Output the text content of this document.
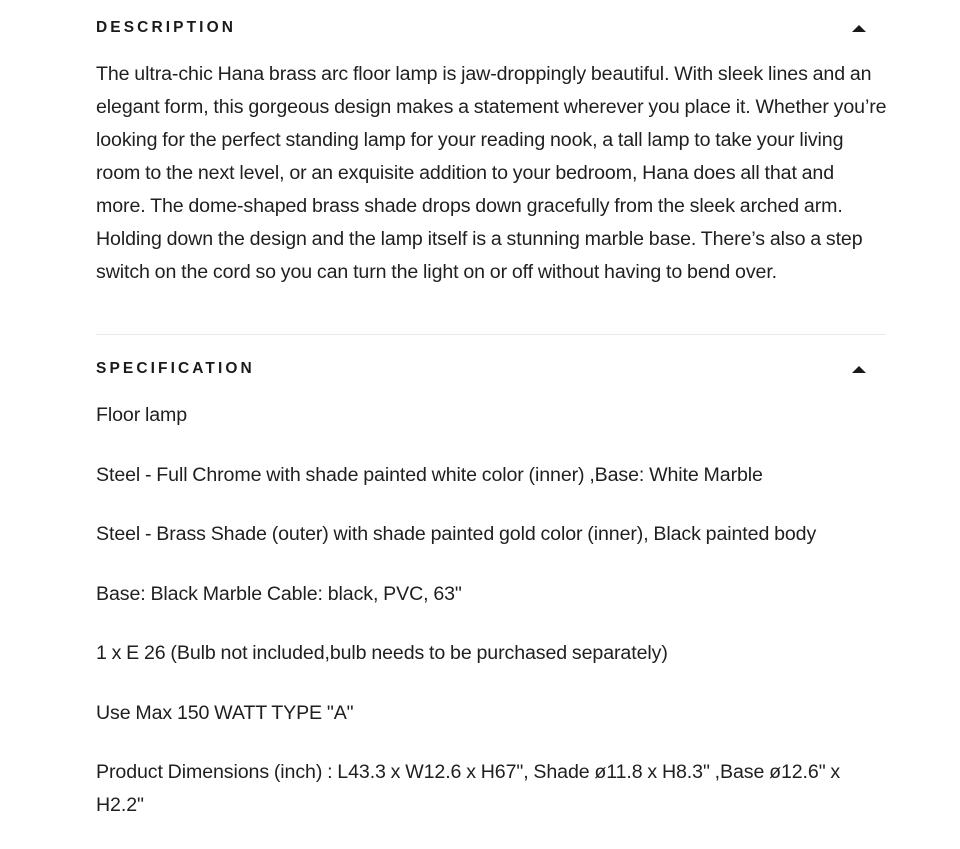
DESCRIPTION

The ultra-chic Hana brass arc floor lamp is jaw-droppingly beautiful. With sleek lines and an elegant form, this gorgeous design makes a statement wherever you place it. Whether you’re looking for the perfect standing lamp for your reading nook, a tall lamp to take your living room to the next level, or an exquisite addition to your bedroom, Hana does all that and more. The dome-shaped brass shade drops down gracefully from the sleek arched arm. Holding down the design and the lamp itself is a stunning marble base. There’s also a step switch on the cord so you can turn the light on or off without having to bend over.

SPECIFICATION
Floor lamp
Steel - Full Chrome with shade painted white color (inner) ,Base: White Marble
Steel - Brass Shade (outer) with shade painted gold color (inner), Black painted body
Base: Black Marble Cable: black, PVC, 63"
1 x E 26 (Bulb not included,bulb needs to be purchased separately)
Use Max 150 WATT TYPE "A"
Product Dimensions (inch) : L43.3 x W12.6 x H67", Shade ø11.8 x H8.3" ,Base ø12.6" x H2.2"
